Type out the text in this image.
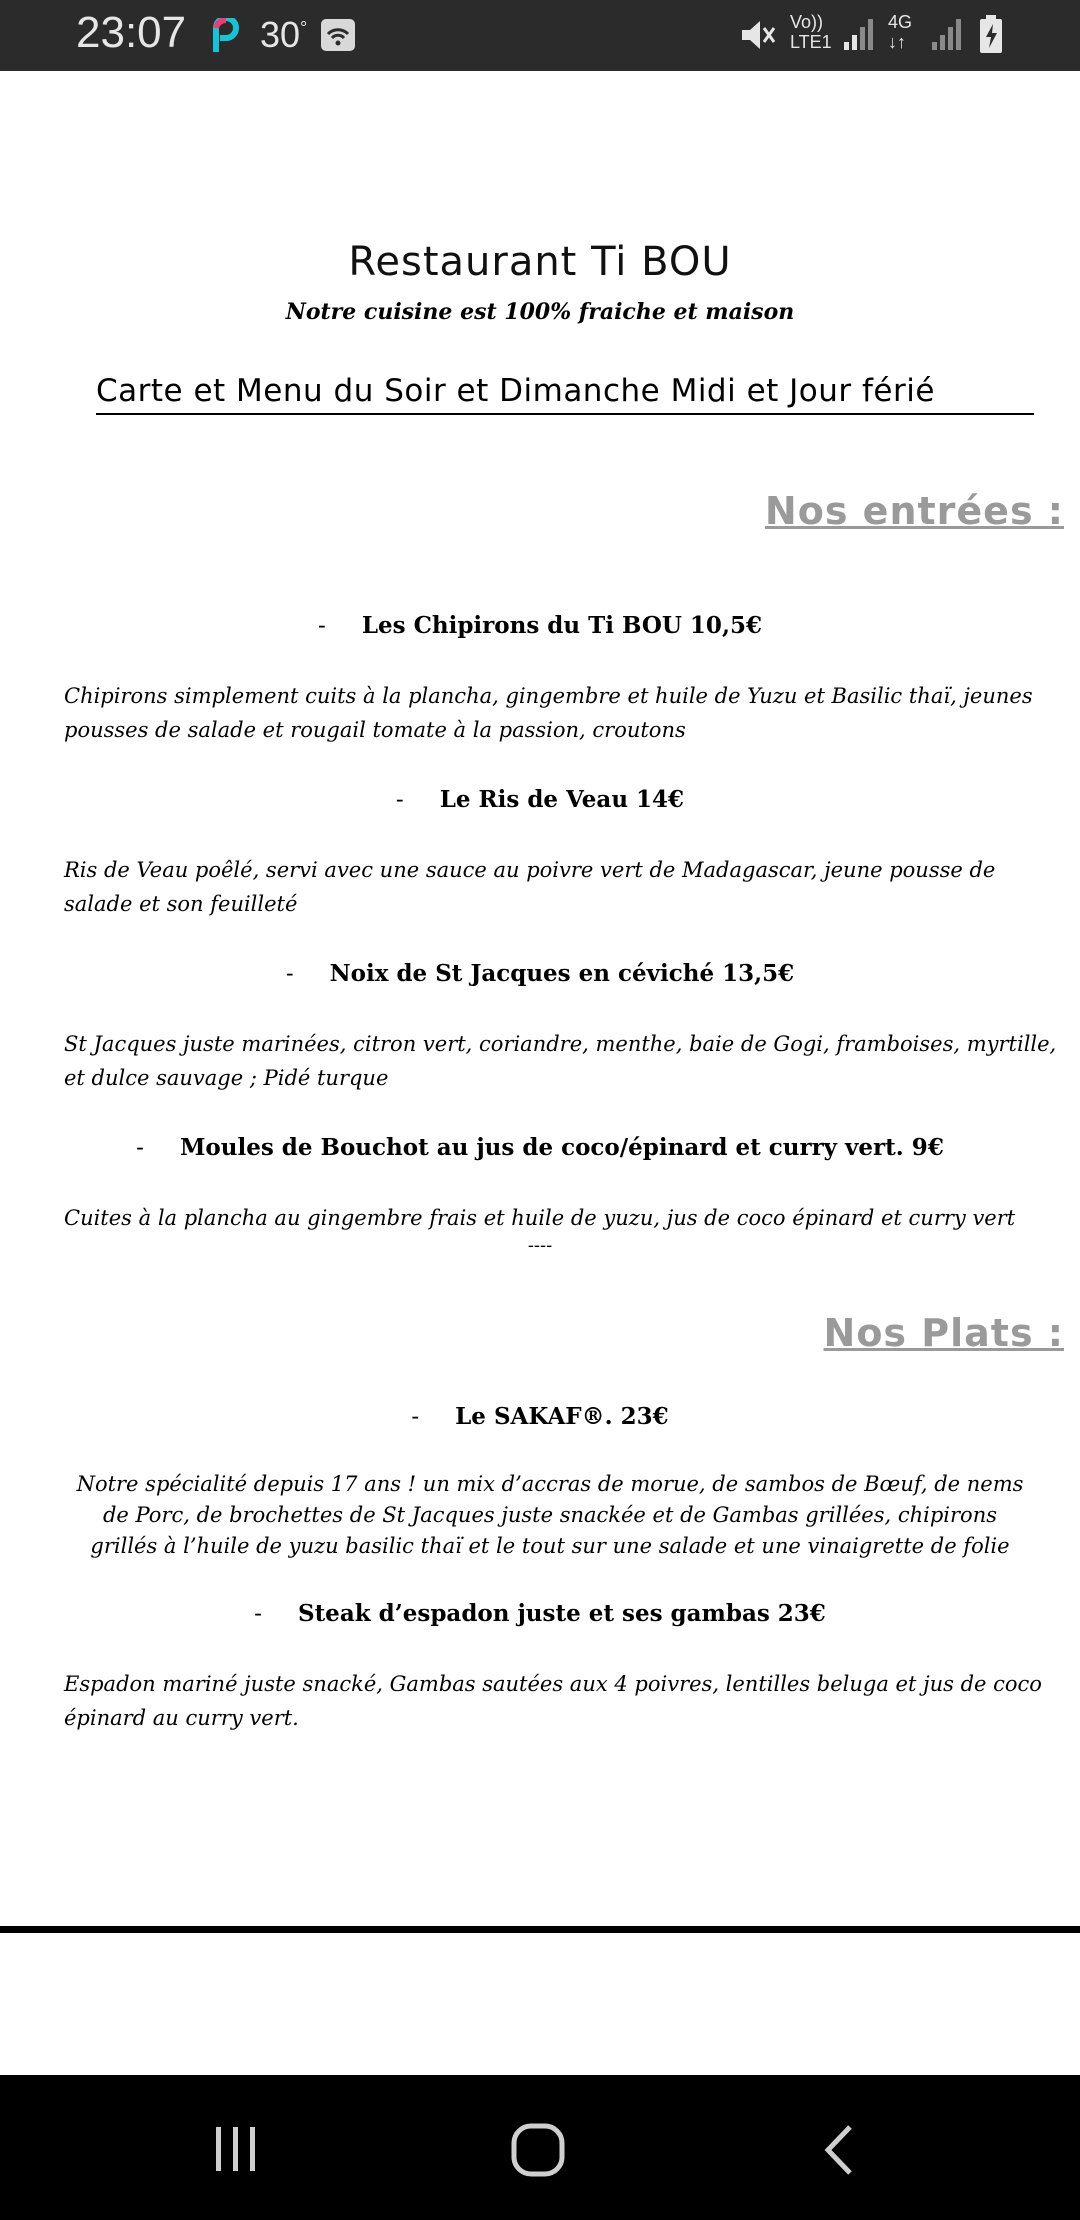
23:07 30°	Vo))
LTE1
4G
↓↑
Restaurant Ti BOU
Notre cuisine est 100% fraiche et maison
Carte et Menu du Soir et Dimanche Midi et Jour férié
Nos entrées :
- Les Chipirons du Ti BOU 10,5€
Chipirons simplement cuits à la plancha, gingembre et huile de Yuzu et Basilic thaï, jeunes pousses de salade et rougail tomate à la passion, croutons
- Le Ris de Veau 14€
Ris de Veau poêlé, servi avec une sauce au poivre vert de Madagascar, jeune pousse de salade et son feuilleté
- Noix de St Jacques en céviché 13,5€
St Jacques juste marinées, citron vert, coriandre, menthe, baie de Gogi, framboises, myrtille, et dulce sauvage ; Pidé turque
- Moules de Bouchot au jus de coco/épinard et curry vert. 9€
Cuites à la plancha au gingembre frais et huile de yuzu, jus de coco épinard et curry vert
----
Nos Plats :
- Le SAKAF®. 23€
Notre spécialité depuis 17 ans ! un mix d’accras de morue, de sambos de Bœuf, de nems de Porc, de brochettes de St Jacques juste snackée et de Gambas grillées, chipirons grillés à l’huile de yuzu basilic thaï et le tout sur une salade et une vinaigrette de folie
- Steak d’espadon juste et ses gambas 23€
Espadon mariné juste snacké, Gambas sautées aux 4 poivres, lentilles beluga et jus de coco épinard au curry vert.
